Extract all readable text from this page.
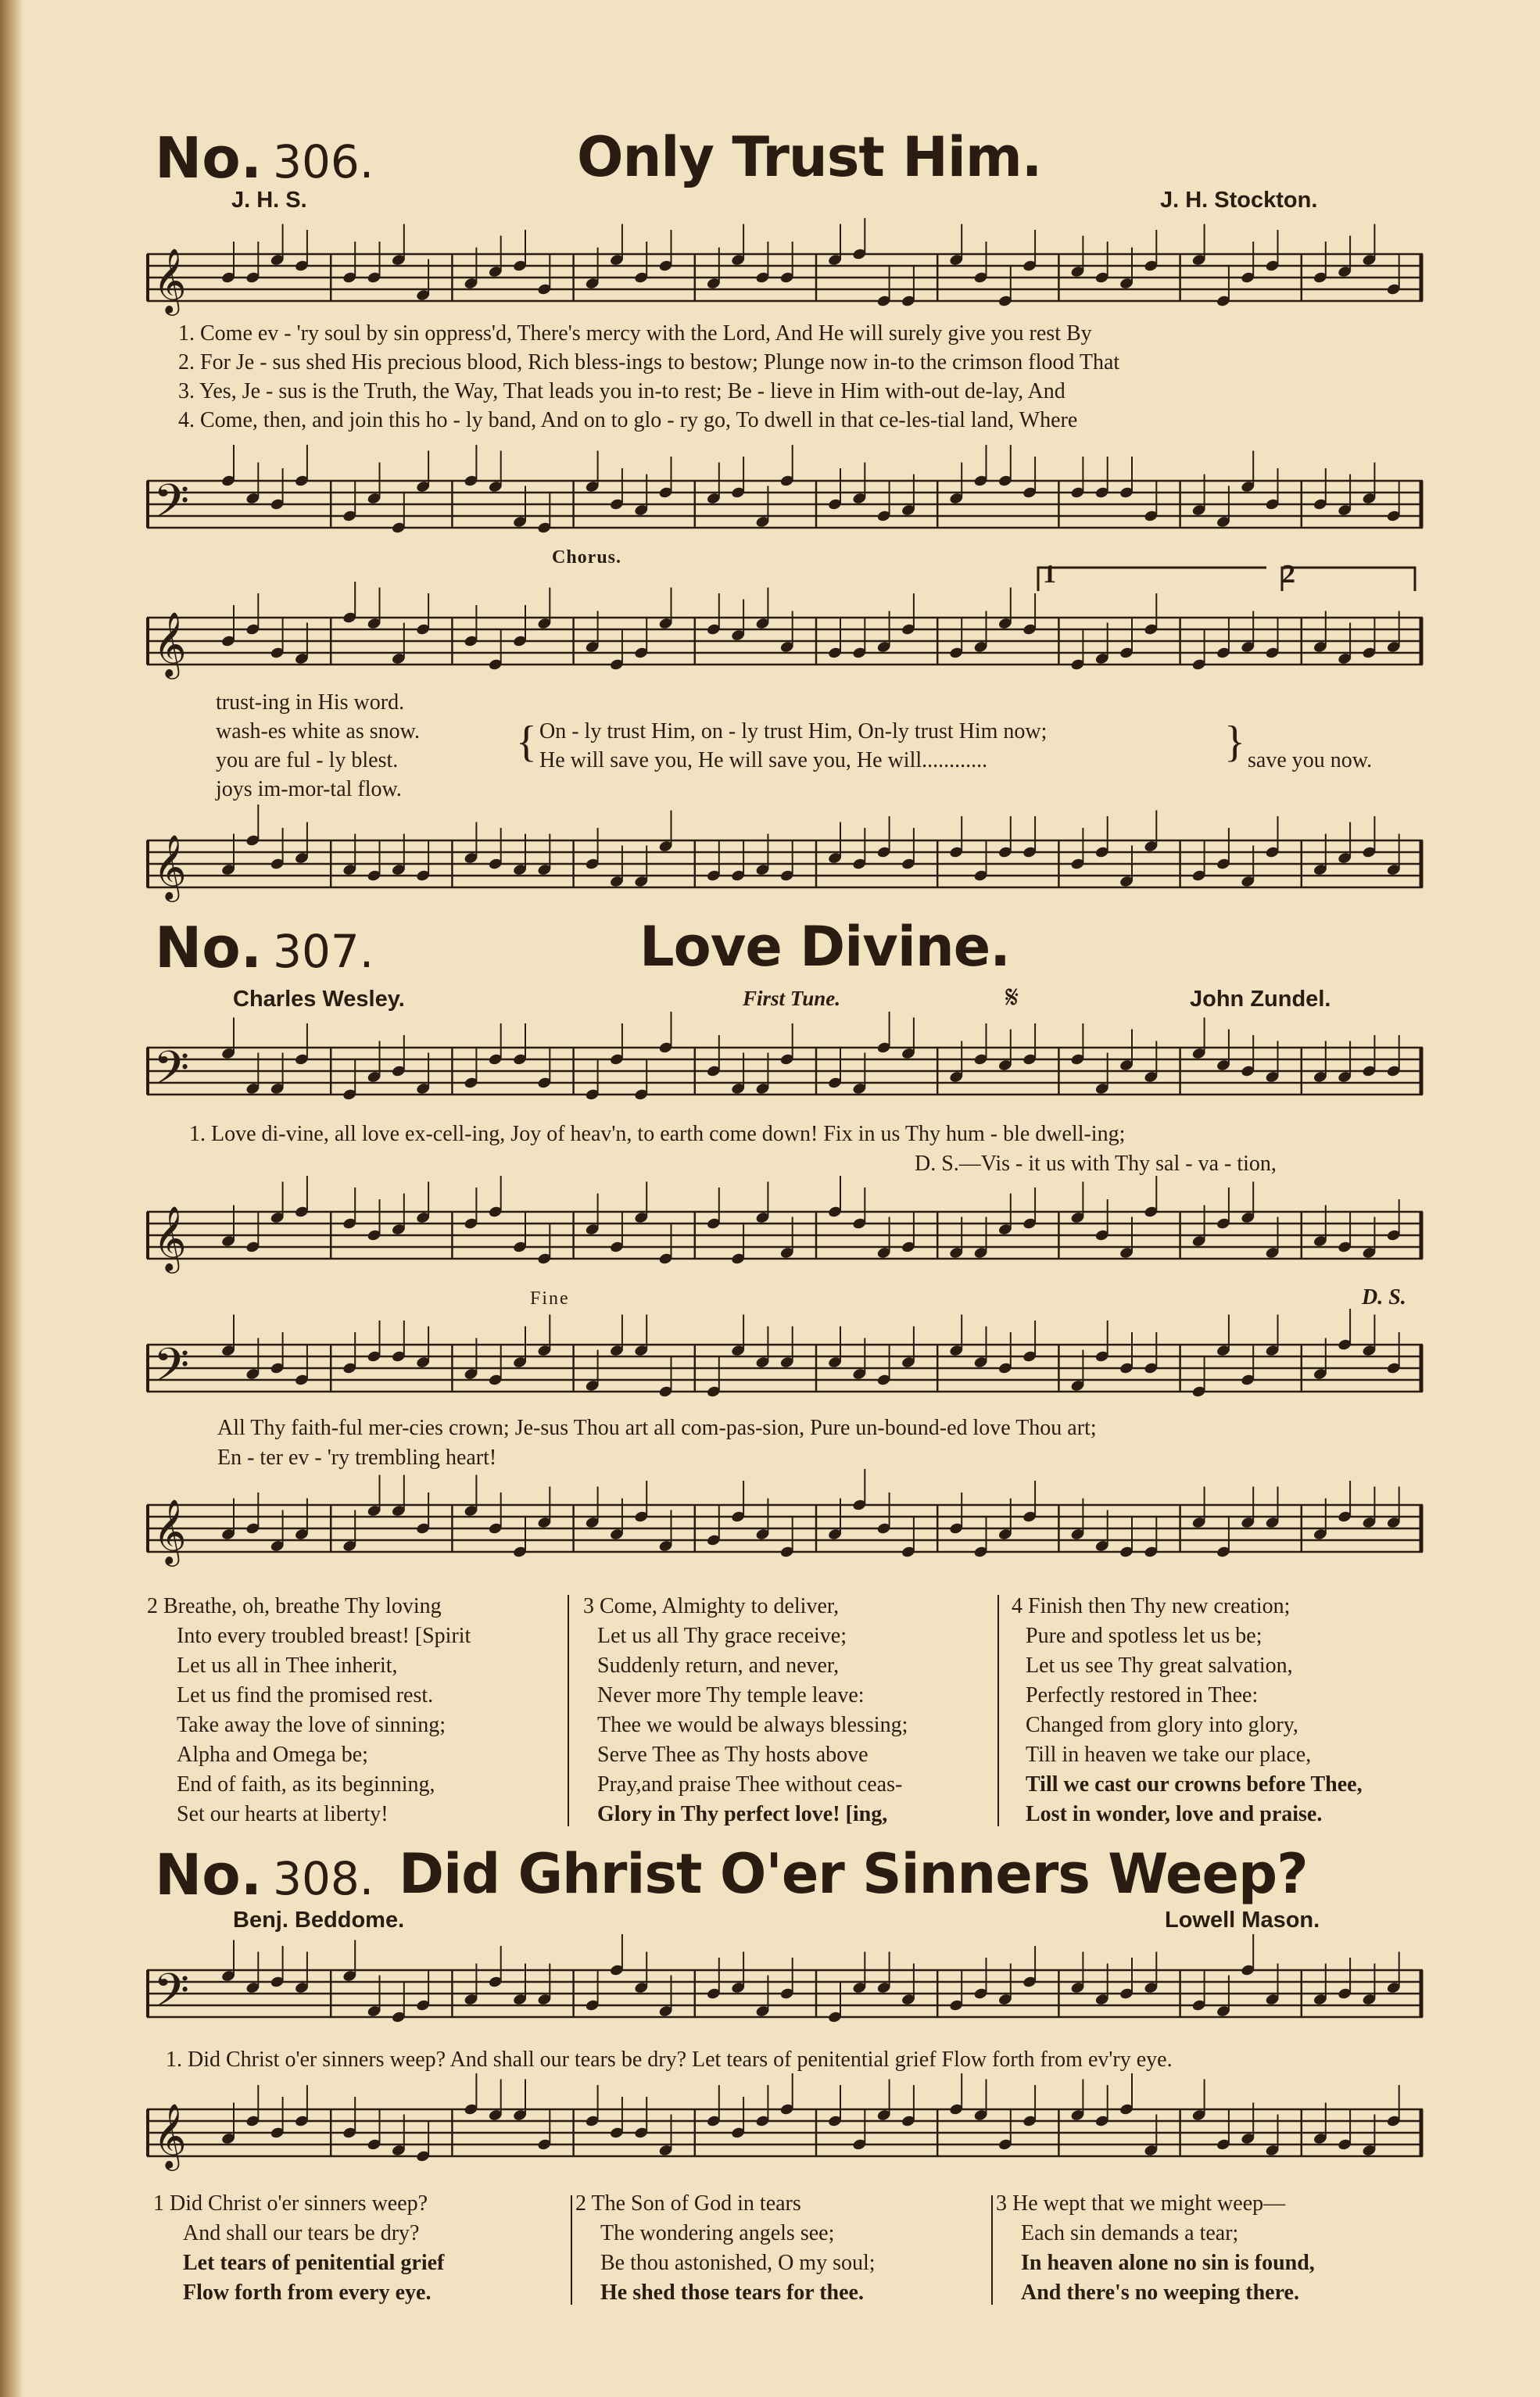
No. 306.	Only Trust Him.
J. H. S.	J. H. Stockton.
𝄞
1. Come ev - 'ry soul by sin oppress'd, There's mercy with the Lord, And He will surely give you rest By
2. For Je - sus shed His precious blood, Rich bless-ings to bestow; Plunge now in-to the crimson flood That
3. Yes, Je - sus is the Truth, the Way, That leads you in-to rest; Be - lieve in Him with-out de-lay, And
4. Come, then, and join this ho - ly band, And on to glo - ry go, To dwell in that ce-les-tial land, Where
𝄢
Chorus.
𝄞
1	2
trust-ing in His word.
wash-es white as snow.
you are ful - ly blest.
joys im-mor-tal flow.
{ On - ly trust Him, on - ly trust Him, On-ly trust Him now;
He will save you, He will save you, He will............	} save you now.
𝄞
No. 307.	Love Divine.
Charles Wesley.	First Tune.	𝄋	John Zundel.
𝄢
1. Love di-vine, all love ex-cell-ing, Joy of heav'n, to earth come down! Fix in us Thy hum - ble dwell-ing;
D. S.—Vis - it us with Thy sal - va - tion,
𝄞
Fine	D. S.
𝄢
All Thy faith-ful mer-cies crown; Je-sus Thou art all com-pas-sion, Pure un-bound-ed love Thou art;
En - ter ev - 'ry trembling heart!
𝄞
2 Breathe, oh, breathe Thy loving
Into every troubled breast! [Spirit
Let us all in Thee inherit,
Let us find the promised rest.
Take away the love of sinning;
Alpha and Omega be;
End of faith, as its beginning,
Set our hearts at liberty!
3 Come, Almighty to deliver,
Let us all Thy grace receive;
Suddenly return, and never,
Never more Thy temple leave:
Thee we would be always blessing;
Serve Thee as Thy hosts above
Pray,and praise Thee without ceas-
Glory in Thy perfect love! [ing,
4 Finish then Thy new creation;
Pure and spotless let us be;
Let us see Thy great salvation,
Perfectly restored in Thee:
Changed from glory into glory,
Till in heaven we take our place,
Till we cast our crowns before Thee,
Lost in wonder, love and praise.
No. 308. Did Ghrist O'er Sinners Weep?
Benj. Beddome.	Lowell Mason.
𝄢
1. Did Christ o'er sinners weep? And shall our tears be dry? Let tears of penitential grief Flow forth from ev'ry eye.
𝄞
1 Did Christ o'er sinners weep?
And shall our tears be dry?
Let tears of penitential grief
Flow forth from every eye.
2 The Son of God in tears
The wondering angels see;
Be thou astonished, O my soul;
He shed those tears for thee.
3 He wept that we might weep—
Each sin demands a tear;
In heaven alone no sin is found,
And there's no weeping there.
